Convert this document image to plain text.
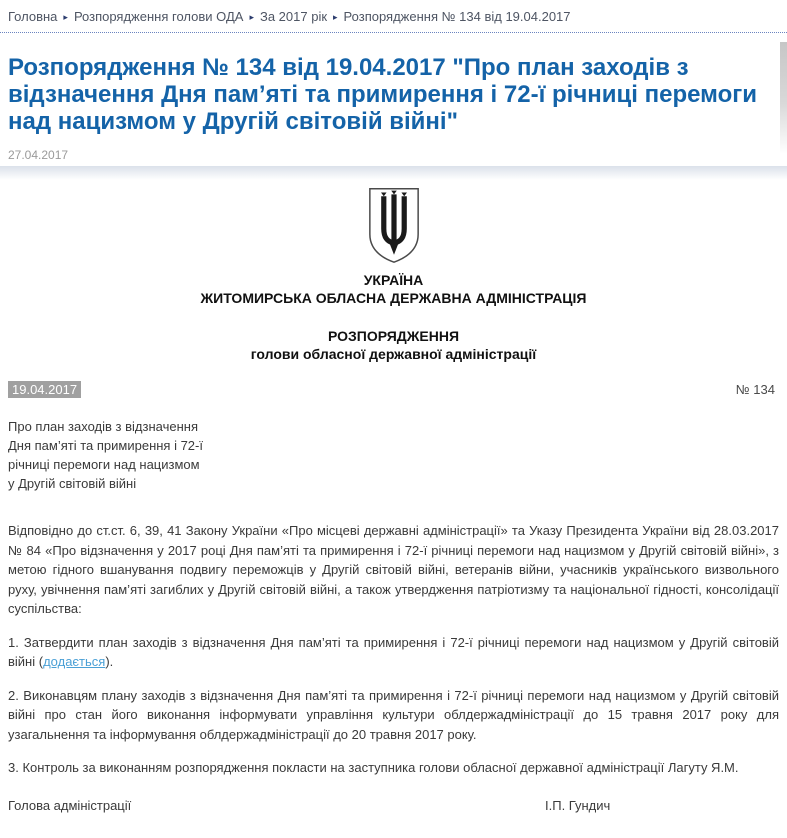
Головна ▸ Розпорядження голови ОДА ▸ За 2017 рік ▸ Розпорядження № 134 від 19.04.2017
Розпорядження № 134 від 19.04.2017 "Про план заходів з відзначення Дня пам’яті та примирення і 72-ї річниці перемоги над нацизмом у Другій світовій війні"
27.04.2017
УКРАЇНА
ЖИТОМИРСЬКА ОБЛАСНА ДЕРЖАВНА АДМІНІСТРАЦІЯ
РОЗПОРЯДЖЕННЯ
голови обласної державної адміністрації
19.04.2017	№ 134
Про план заходів з відзначення
Дня пам’яті та примирення і 72-ї
річниці перемоги над нацизмом
у Другій світовій війні

Відповідно до ст.ст. 6, 39, 41 Закону України «Про місцеві державні адміністрації» та Указу Президента України від 28.03.2017 № 84 «Про відзначення у 2017 році Дня пам’яті та примирення і 72-ї річниці перемоги над нацизмом у Другій світовій війні», з метою гідного вшанування подвигу переможців у Другій світовій війні, ветеранів війни, учасників українського визвольного руху, увічнення пам’яті загиблих у Другій світовій війні, а також утвердження патріотизму та національної гідності, консолідації суспільства:

1. Затвердити план заходів з відзначення Дня пам’яті та примирення і 72-ї річниці перемоги над нацизмом у Другій світовій війні (додається).

2. Виконавцям плану заходів з відзначення Дня пам’яті та примирення і 72-ї річниці перемоги над нацизмом у Другій світовій війні про стан його виконання інформувати управління культури облдержадміністрації до 15 травня 2017 року для узагальнення та інформування облдержадміністрації до 20 травня 2017 року.

3. Контроль за виконанням розпорядження покласти на заступника голови обласної державної адміністрації Лагуту Я.М.

Голова адміністрації	І.П. Гундич
